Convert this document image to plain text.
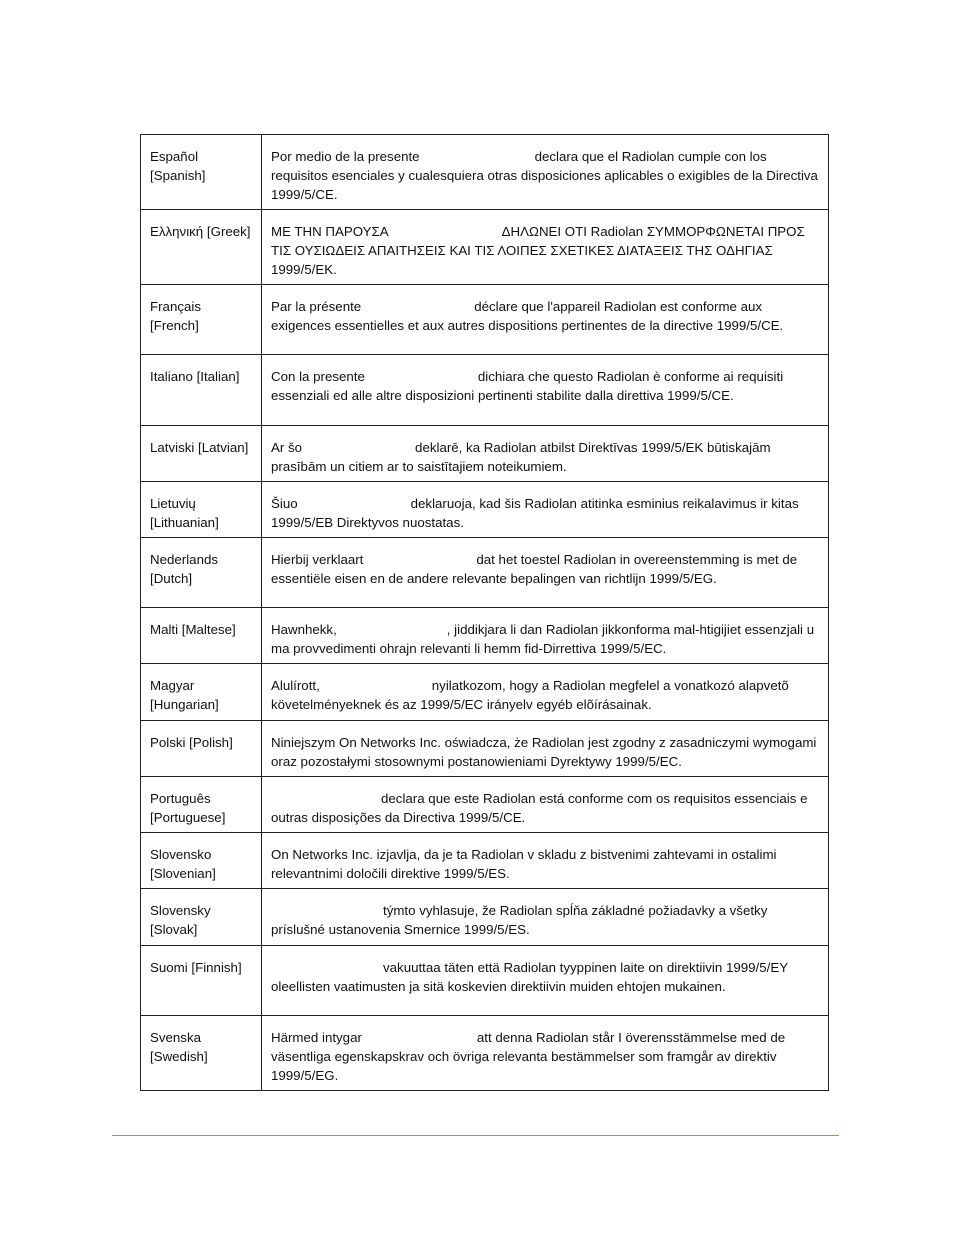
Español [Spanish]	Por medio de la presente declara que el Radiolan cumple con los requisitos esenciales y cualesquiera otras disposiciones aplicables o exigibles de la Directiva 1999/5/CE.

Ελληνική [Greek]	ΜΕ ΤΗΝ ΠΑΡΟΥΣΑ ΔΗΛΩΝΕΙ ΟΤΙ Radiolan ΣΥΜΜΟΡΦΩΝΕΤΑΙ ΠΡΟΣ ΤΙΣ ΟΥΣΙΩΔΕΙΣ ΑΠΑΙΤΗΣΕΙΣ ΚΑΙ ΤΙΣ ΛΟΙΠΕΣ ΣΧΕΤΙΚΕΣ ΔΙΑΤΑΞΕΙΣ ΤΗΣ ΟΔΗΓΙΑΣ 1999/5/ΕΚ.

Français [French]	Par la présente déclare que l'appareil Radiolan est conforme aux exigences essentielles et aux autres dispositions pertinentes de la directive 1999/5/CE.

Italiano [Italian]	Con la presente dichiara che questo Radiolan è conforme ai requisiti essenziali ed alle altre disposizioni pertinenti stabilite dalla direttiva 1999/5/CE.

Latviski [Latvian]	Ar šo deklarē, ka Radiolan atbilst Direktīvas 1999/5/EK būtiskajām prasībām un citiem ar to saistītajiem noteikumiem.

Lietuvių [Lithuanian]	Šiuo deklaruoja, kad šis Radiolan atitinka esminius reikalavimus ir kitas 1999/5/EB Direktyvos nuostatas.

Nederlands [Dutch]	Hierbij verklaart dat het toestel Radiolan in overeenstemming is met de essentiële eisen en de andere relevante bepalingen van richtlijn 1999/5/EG.

Malti [Maltese]	Hawnhekk, , jiddikjara li dan Radiolan jikkonforma mal-htigijiet essenzjali u ma provvedimenti ohrajn relevanti li hemm fid-Dirrettiva 1999/5/EC.

Magyar [Hungarian]	Alulírott, nyilatkozom, hogy a Radiolan megfelel a vonatkozó alapvetõ követelményeknek és az 1999/5/EC irányelv egyéb elõírásainak.

Polski [Polish]	Niniejszym On Networks Inc. oświadcza, że Radiolan jest zgodny z zasadniczymi wymogami oraz pozostałymi stosownymi postanowieniami Dyrektywy 1999/5/EC.

Português [Portuguese]	declara que este Radiolan está conforme com os requisitos essenciais e outras disposições da Directiva 1999/5/CE.

Slovensko [Slovenian]	On Networks Inc. izjavlja, da je ta Radiolan v skladu z bistvenimi zahtevami in ostalimi relevantnimi določili direktive 1999/5/ES.

Slovensky [Slovak]	týmto vyhlasuje, že Radiolan spĺňa základné požiadavky a všetky príslušné ustanovenia Smernice 1999/5/ES.

Suomi [Finnish]	vakuuttaa täten että Radiolan tyyppinen laite on direktiivin 1999/5/EY oleellisten vaatimusten ja sitä koskevien direktiivin muiden ehtojen mukainen.

Svenska [Swedish]	Härmed intygar att denna Radiolan står I överensstämmelse med de väsentliga egenskapskrav och övriga relevanta bestämmelser som framgår av direktiv 1999/5/EG.
